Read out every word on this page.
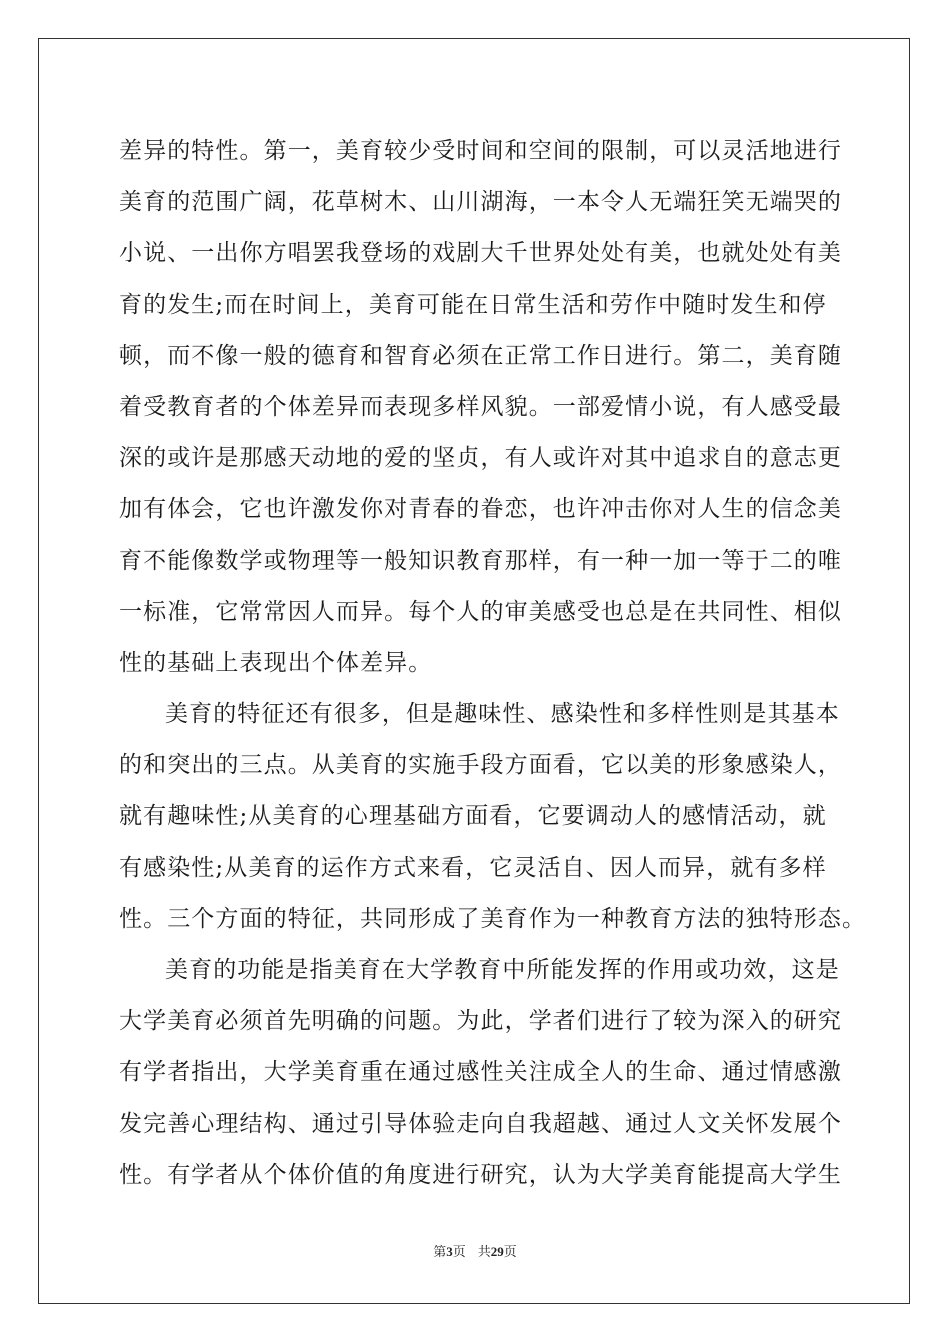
差异的特性。第一，美育较少受时间和空间的限制，可以灵活地进行
美育的范围广阔，花草树木、山川湖海，一本令人无端狂笑无端哭的
小说、一出你方唱罢我登场的戏剧大千世界处处有美，也就处处有美
育的发生;而在时间上，美育可能在日常生活和劳作中随时发生和停
顿，而不像一般的德育和智育必须在正常工作日进行。第二，美育随
着受教育者的个体差异而表现多样风貌。一部爱情小说，有人感受最
深的或许是那感天动地的爱的坚贞，有人或许对其中追求自的意志更
加有体会，它也许激发你对青春的眷恋，也许冲击你对人生的信念美
育不能像数学或物理等一般知识教育那样，有一种一加一等于二的唯
一标准，它常常因人而异。每个人的审美感受也总是在共同性、相似
性的基础上表现出个体差异。
美育的特征还有很多，但是趣味性、感染性和多样性则是其基本
的和突出的三点。从美育的实施手段方面看，它以美的形象感染人，
就有趣味性;从美育的心理基础方面看，它要调动人的感情活动，就
有感染性;从美育的运作方式来看，它灵活自、因人而异，就有多样
性。三个方面的特征，共同形成了美育作为一种教育方法的独特形态。
美育的功能是指美育在大学教育中所能发挥的作用或功效，这是
大学美育必须首先明确的问题。为此，学者们进行了较为深入的研究
有学者指出，大学美育重在通过感性关注成全人的生命、通过情感激
发完善心理结构、通过引导体验走向自我超越、通过人文关怀发展个
性。有学者从个体价值的角度进行研究，认为大学美育能提高大学生
第3页 共29页
